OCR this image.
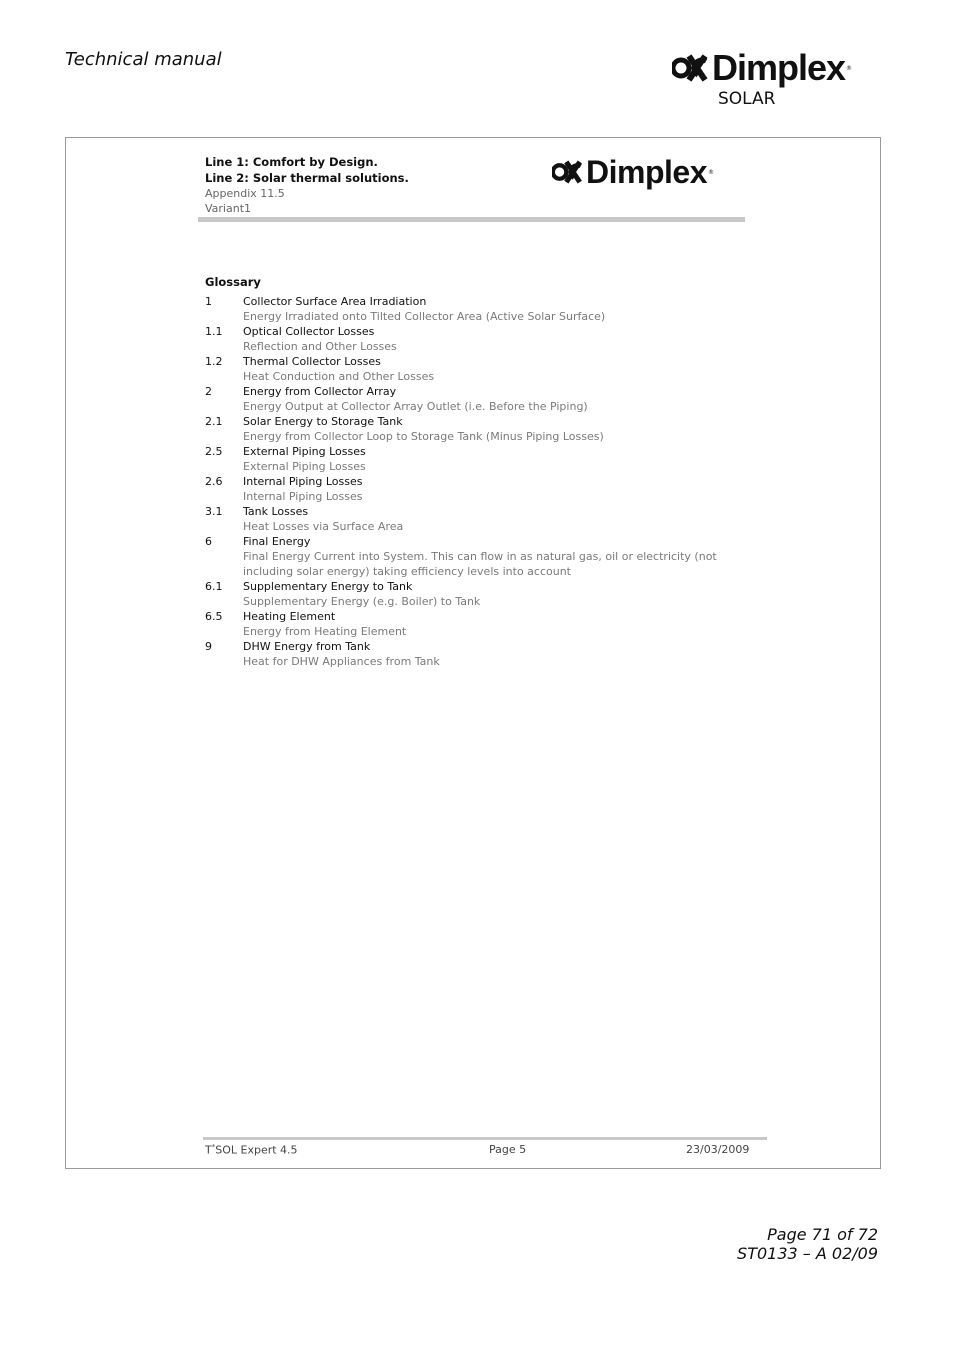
Technical manual	Dimplex ®
SOLAR
Line 1: Comfort by Design.
Line 2: Solar thermal solutions.
Appendix 11.5
Variant1
Dimplex ®
Glossary
1	Collector Surface Area Irradiation
Energy Irradiated onto Tilted Collector Area (Active Solar Surface)
1.1	Optical Collector Losses
Reflection and Other Losses
1.2	Thermal Collector Losses
Heat Conduction and Other Losses
2	Energy from Collector Array
Energy Output at Collector Array Outlet (i.e. Before the Piping)
2.1	Solar Energy to Storage Tank
Energy from Collector Loop to Storage Tank (Minus Piping Losses)
2.5	External Piping Losses
External Piping Losses
2.6	Internal Piping Losses
Internal Piping Losses
3.1	Tank Losses
Heat Losses via Surface Area
6	Final Energy
Final Energy Current into System. This can flow in as natural gas, oil or electricity (not including solar energy) taking efficiency levels into account
6.1	Supplementary Energy to Tank
Supplementary Energy (e.g. Boiler) to Tank
6.5	Heating Element
Energy from Heating Element
9	DHW Energy from Tank
Heat for DHW Appliances from Tank
T*SOL Expert 4.5	Page 5	23/03/2009
Page 71 of 72
ST0133 – A 02/09
